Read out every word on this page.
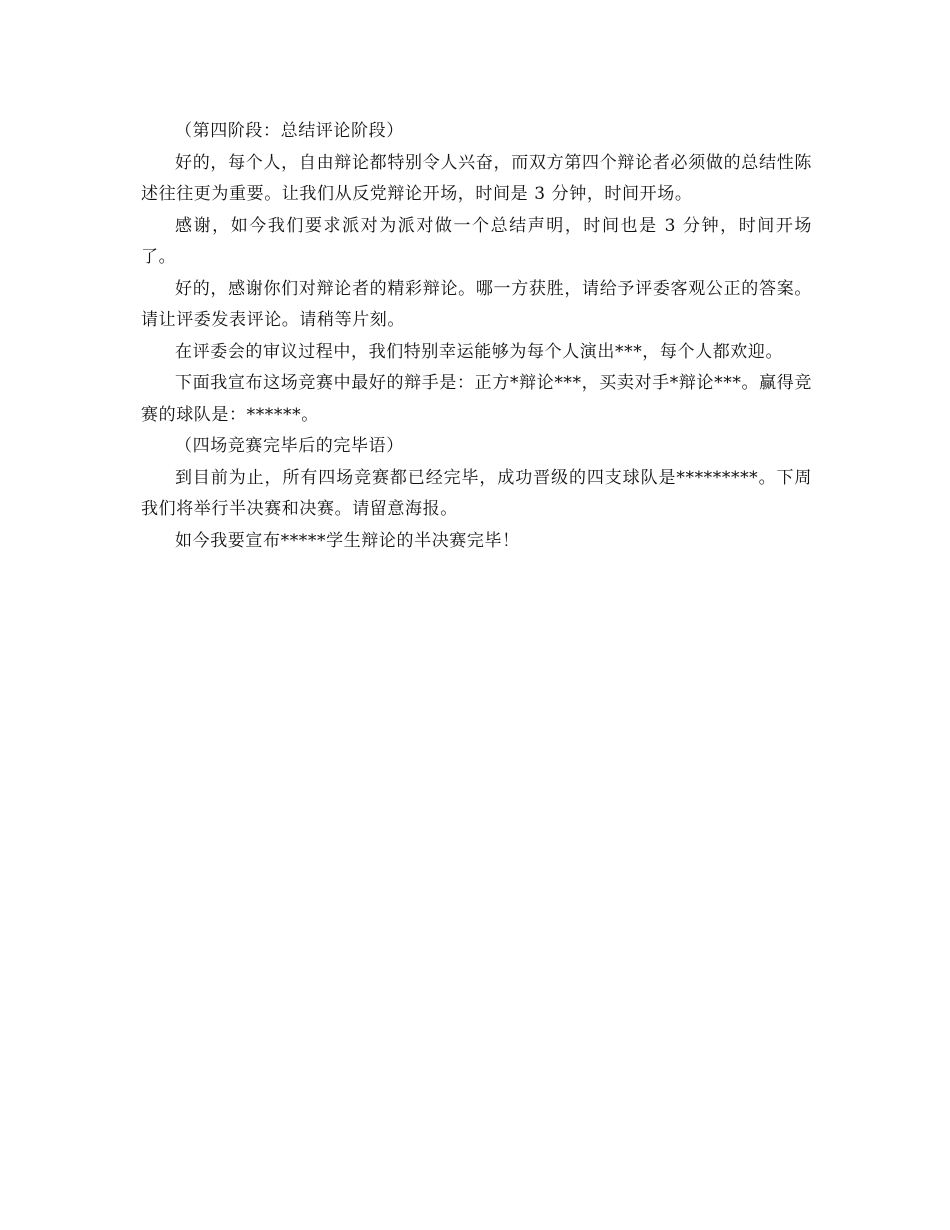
（第四阶段：总结评论阶段）

好的，每个人，自由辩论都特别令人兴奋，而双方第四个辩论者必须做的总结性陈述往往更为重要。让我们从反党辩论开场，时间是 3 分钟，时间开场。

感谢，如今我们要求派对为派对做一个总结声明，时间也是 3 分钟，时间开场了。

好的，感谢你们对辩论者的精彩辩论。哪一方获胜，请给予评委客观公正的答案。请让评委发表评论。请稍等片刻。

在评委会的审议过程中，我们特别幸运能够为每个人演出***，每个人都欢迎。

下面我宣布这场竞赛中最好的辩手是：正方*辩论***，买卖对手*辩论***。赢得竞赛的球队是：******。

（四场竞赛完毕后的完毕语）

到目前为止，所有四场竞赛都已经完毕，成功晋级的四支球队是*********。下周我们将举行半决赛和决赛。请留意海报。

如今我要宣布*****学生辩论的半决赛完毕！
